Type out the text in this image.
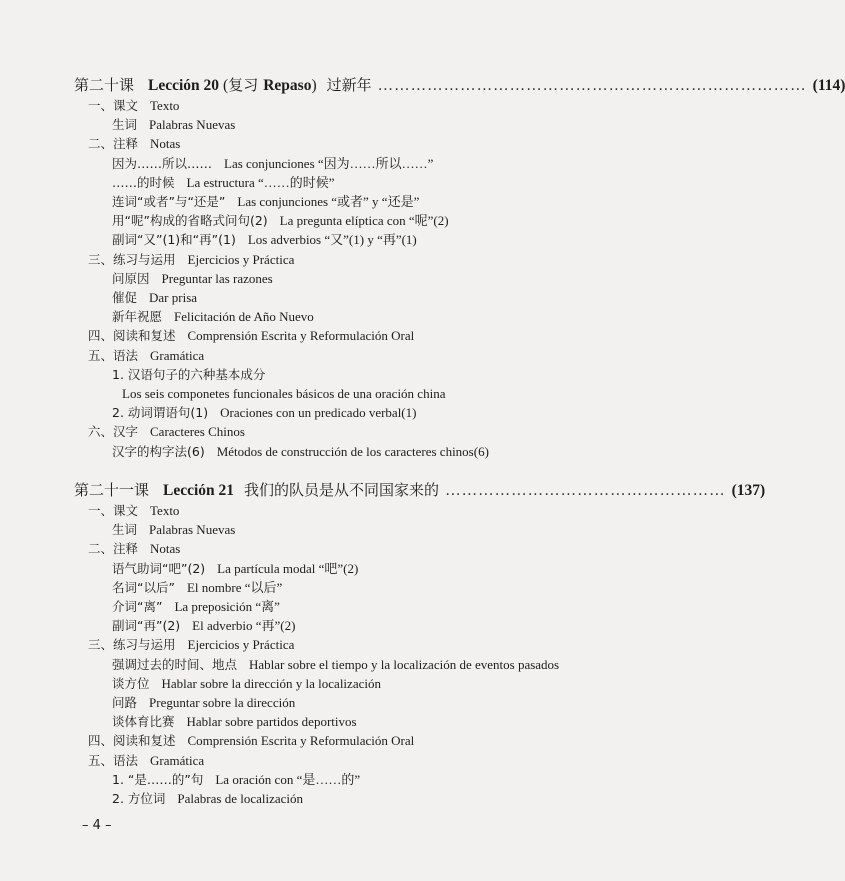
第二十课 Lección 20 ( 复习 Repaso ) 过新年 …………………………………………………………………… (114)
一、课文 Texto
生词 Palabras Nuevas
二、注释 Notas
因为……所以…… Las conjunciones “因为……所以……”
……的时候 La estructura “……的时候”
连词“或者”与“还是” Las conjunciones “或者” y “还是”
用“呢”构成的省略式问句(2) La pregunta elíptica con “呢”(2)
副词“又”(1)和“再”(1) Los adverbios “又”(1) y “再”(1)
三、练习与运用 Ejercicios y Práctica
问原因 Preguntar las razones
催促 Dar prisa
新年祝愿 Felicitación de Año Nuevo
四、阅读和复述 Comprensión Escrita y Reformulación Oral
五、语法 Gramática
1. 汉语句子的六种基本成分
Los seis componetes funcionales básicos de una oración china
2. 动词谓语句(1) Oraciones con un predicado verbal(1)
六、汉字 Caracteres Chinos
汉字的构字法(6) Métodos de construcción de los caracteres chinos(6)
第二十一课 Lección 21 我们的队员是从不同国家来的 …………………………………………… (137)
一、课文 Texto
生词 Palabras Nuevas
二、注释 Notas
语气助词“吧”(2) La partícula modal “吧”(2)
名词“以后” El nombre “以后”
介词“离” La preposición “离”
副词“再”(2) El adverbio “再”(2)
三、练习与运用 Ejercicios y Práctica
强调过去的时间、地点 Hablar sobre el tiempo y la localización de eventos pasados
谈方位 Hablar sobre la dirección y la localización
问路 Preguntar sobre la dirección
谈体育比赛 Hablar sobre partidos deportivos
四、阅读和复述 Comprensión Escrita y Reformulación Oral
五、语法 Gramática
1. “是……的”句 La oración con “是……的”
2. 方位词 Palabras de localización
– 4 –
